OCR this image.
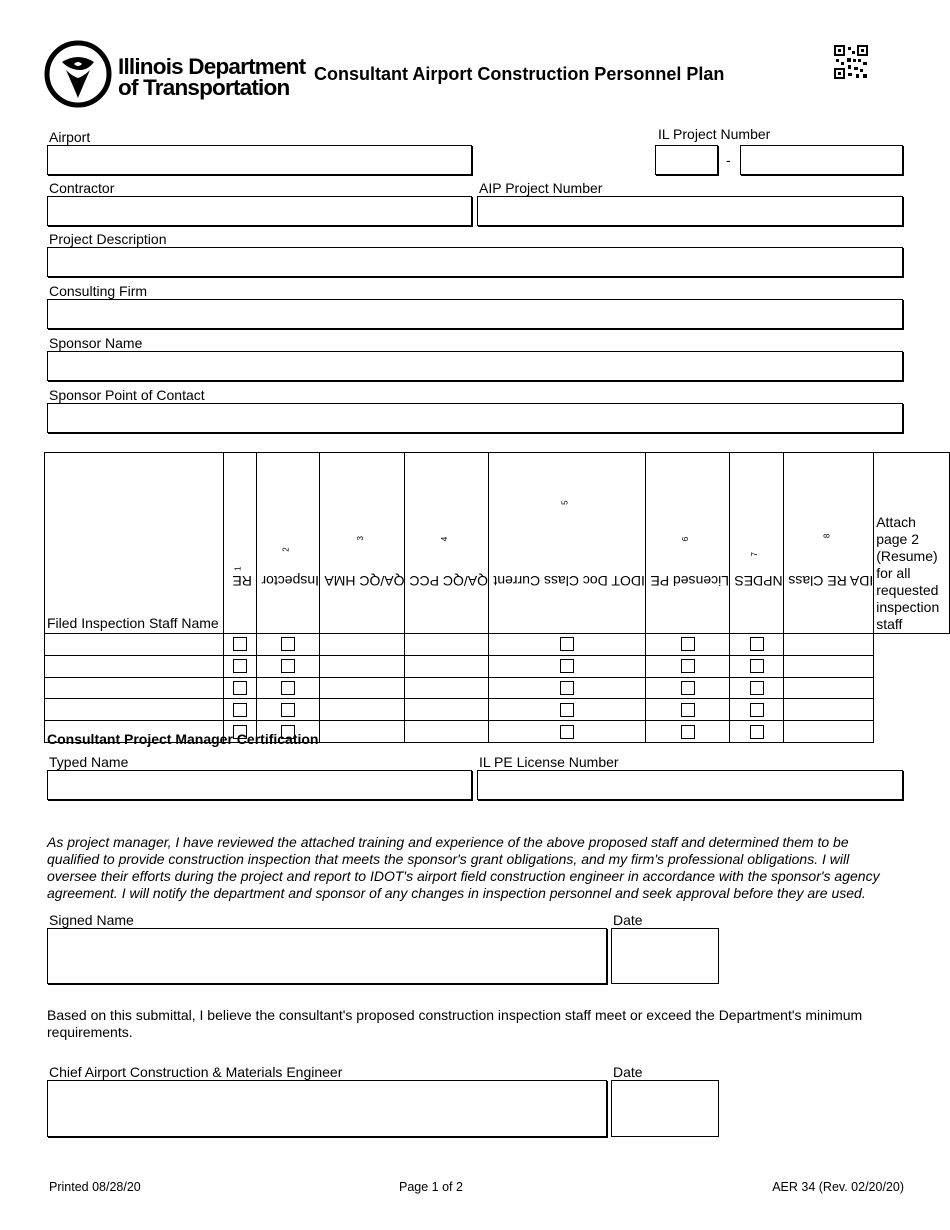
Illinois Department
of Transportation
Consultant Airport Construction Personnel Plan
Airport	IL Project Number
-
Contractor	AIP Project Number
Project Description
Consulting Firm
Sponsor Name
Sponsor Point of Contact
Filed Inspection Staff Name	$RE^1$	Inspector$^2$	QA/QC HMA$^3$	QA/QC PCC$^4$	IDOT Doc Class Current$^5$	Licensed $PE^6$	NPDES$^7$	IDA RE Class$^8$	Attach page 2 (Resume) for all requested inspection staff

Consultant Project Manager Certification
Typed Name	IL PE License Number
As project manager, I have reviewed the attached training and experience of the above proposed staff and determined them to be qualified to provide construction inspection that meets the sponsor's grant obligations, and my firm's professional obligations. I will oversee their efforts during the project and report to IDOT's airport field construction engineer in accordance with the sponsor's agency agreement. I will notify the department and sponsor of any changes in inspection personnel and seek approval before they are used.
Signed Name	Date
Based on this submittal, I believe the consultant's proposed construction inspection staff meet or exceed the Department's minimum requirements.
Chief Airport Construction & Materials Engineer	Date
Printed 08/28/20	Page 1 of 2	AER 34 (Rev. 02/20/20)
